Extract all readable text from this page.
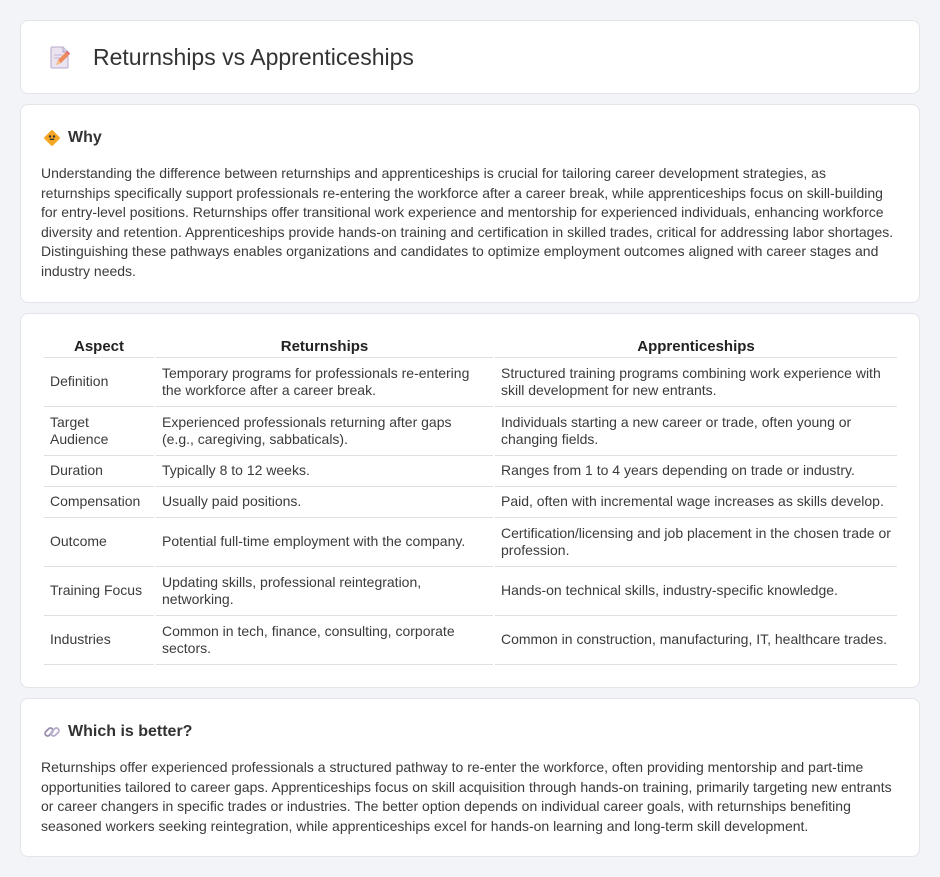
Returnships vs Apprenticeships
Why

Understanding the difference between returnships and apprenticeships is crucial for tailoring career development strategies, as returnships specifically support professionals re-entering the workforce after a career break, while apprenticeships focus on skill-building for entry-level positions. Returnships offer transitional work experience and mentorship for experienced individuals, enhancing workforce diversity and retention. Apprenticeships provide hands-on training and certification in skilled trades, critical for addressing labor shortages. Distinguishing these pathways enables organizations and candidates to optimize employment outcomes aligned with career stages and industry needs.

Aspect	Returnships	Apprenticeships
Definition	Temporary programs for professionals re-entering the workforce after a career break.	Structured training programs combining work experience with skill development for new entrants.
Target Audience	Experienced professionals returning after gaps (e.g., caregiving, sabbaticals).	Individuals starting a new career or trade, often young or changing fields.
Duration	Typically 8 to 12 weeks.	Ranges from 1 to 4 years depending on trade or industry.
Compensation	Usually paid positions.	Paid, often with incremental wage increases as skills develop.
Outcome	Potential full-time employment with the company.	Certification/licensing and job placement in the chosen trade or profession.
Training Focus	Updating skills, professional reintegration, networking.	Hands-on technical skills, industry-specific knowledge.
Industries	Common in tech, finance, consulting, corporate sectors.	Common in construction, manufacturing, IT, healthcare trades.
Which is better?

Returnships offer experienced professionals a structured pathway to re-enter the workforce, often providing mentorship and part-time opportunities tailored to career gaps. Apprenticeships focus on skill acquisition through hands-on training, primarily targeting new entrants or career changers in specific trades or industries. The better option depends on individual career goals, with returnships benefiting seasoned workers seeking reintegration, while apprenticeships excel for hands-on learning and long-term skill development.
